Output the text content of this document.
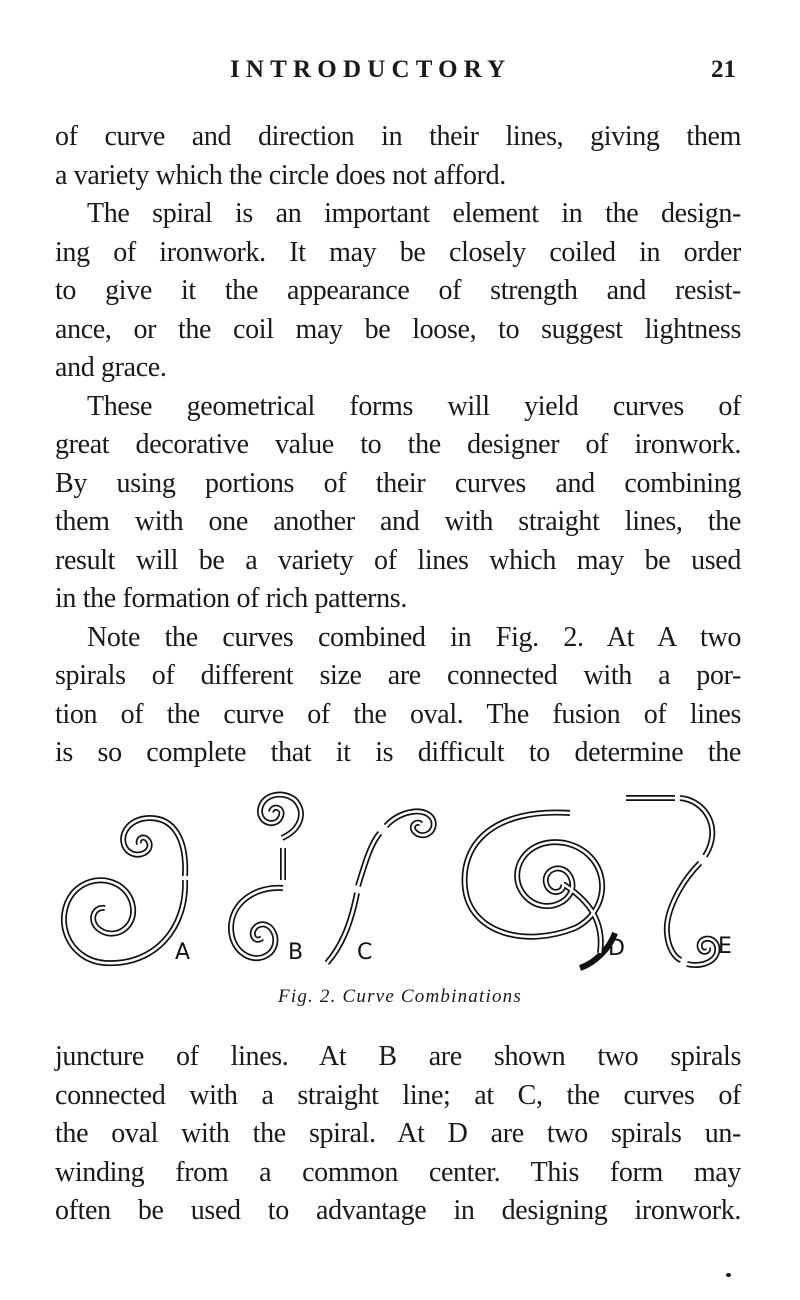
INTRODUCTORY	21
of curve and direction in their lines, giving them
a variety which the circle does not afford.
The spiral is an important element in the design-
ing of ironwork. It may be closely coiled in order
to give it the appearance of strength and resist-
ance, or the coil may be loose, to suggest lightness
and grace.
These geometrical forms will yield curves of
great decorative value to the designer of ironwork.
By using portions of their curves and combining
them with one another and with straight lines, the
result will be a variety of lines which may be used
in the formation of rich patterns.
Note the curves combined in Fig. 2. At A two
spirals of different size are connected with a por-
tion of the curve of the oval. The fusion of lines
is so complete that it is difficult to determine the
A	B C	D	E
Fig. 2. Curve Combinations
juncture of lines. At B are shown two spirals
connected with a straight line; at C, the curves of
the oval with the spiral. At D are two spirals un-
winding from a common center. This form may
often be used to advantage in designing ironwork.
